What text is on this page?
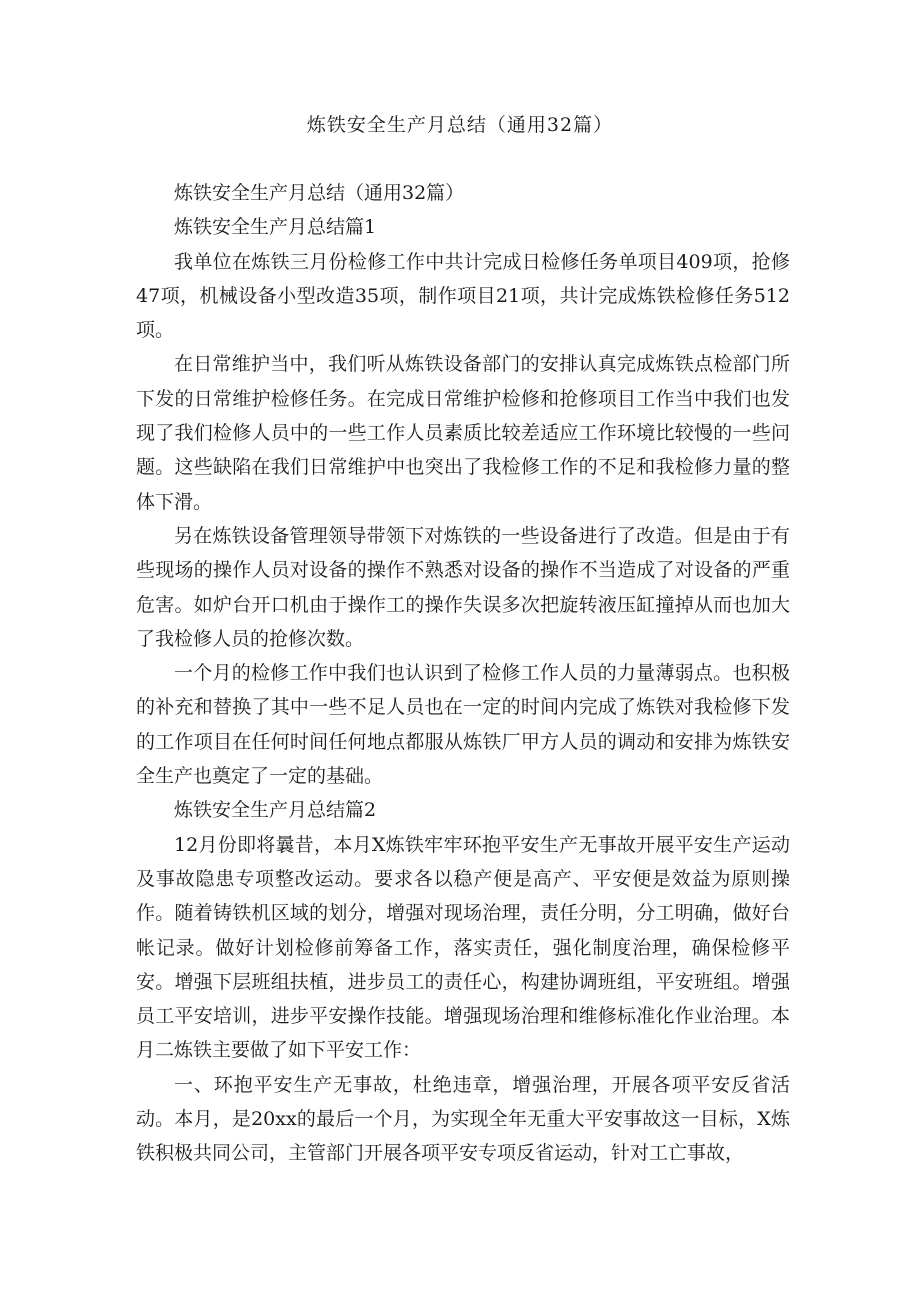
炼铁安全生产月总结（通用32篇）

炼铁安全生产月总结（通用32篇）

炼铁安全生产月总结篇1

我单位在炼铁三月份检修工作中共计完成日检修任务单项目409项，抢修47项，机械设备小型改造35项，制作项目21项，共计完成炼铁检修任务512项。

在日常维护当中，我们听从炼铁设备部门的安排认真完成炼铁点检部门所下发的日常维护检修任务。在完成日常维护检修和抢修项目工作当中我们也发现了我们检修人员中的一些工作人员素质比较差适应工作环境比较慢的一些问题。这些缺陷在我们日常维护中也突出了我检修工作的不足和我检修力量的整体下滑。

另在炼铁设备管理领导带领下对炼铁的一些设备进行了改造。但是由于有些现场的操作人员对设备的操作不熟悉对设备的操作不当造成了对设备的严重危害。如炉台开口机由于操作工的操作失误多次把旋转液压缸撞掉从而也加大了我检修人员的抢修次数。

一个月的检修工作中我们也认识到了检修工作人员的力量薄弱点。也积极的补充和替换了其中一些不足人员也在一定的时间内完成了炼铁对我检修下发的工作项目在任何时间任何地点都服从炼铁厂甲方人员的调动和安排为炼铁安全生产也奠定了一定的基础。

炼铁安全生产月总结篇2

12月份即将曩昔，本月X炼铁牢牢环抱平安生产无事故开展平安生产运动及事故隐患专项整改运动。要求各以稳产便是高产、平安便是效益为原则操作。随着铸铁机区域的划分，增强对现场治理，责任分明，分工明确，做好台帐记录。做好计划检修前筹备工作，落实责任，强化制度治理，确保检修平安。增强下层班组扶植，进步员工的责任心，构建协调班组，平安班组。增强员工平安培训，进步平安操作技能。增强现场治理和维修标准化作业治理。本月二炼铁主要做了如下平安工作：

一、环抱平安生产无事故，杜绝违章，增强治理，开展各项平安反省活动。本月，是20xx的最后一个月，为实现全年无重大平安事故这一目标，X炼铁积极共同公司，主管部门开展各项平安专项反省运动，针对工亡事故，
